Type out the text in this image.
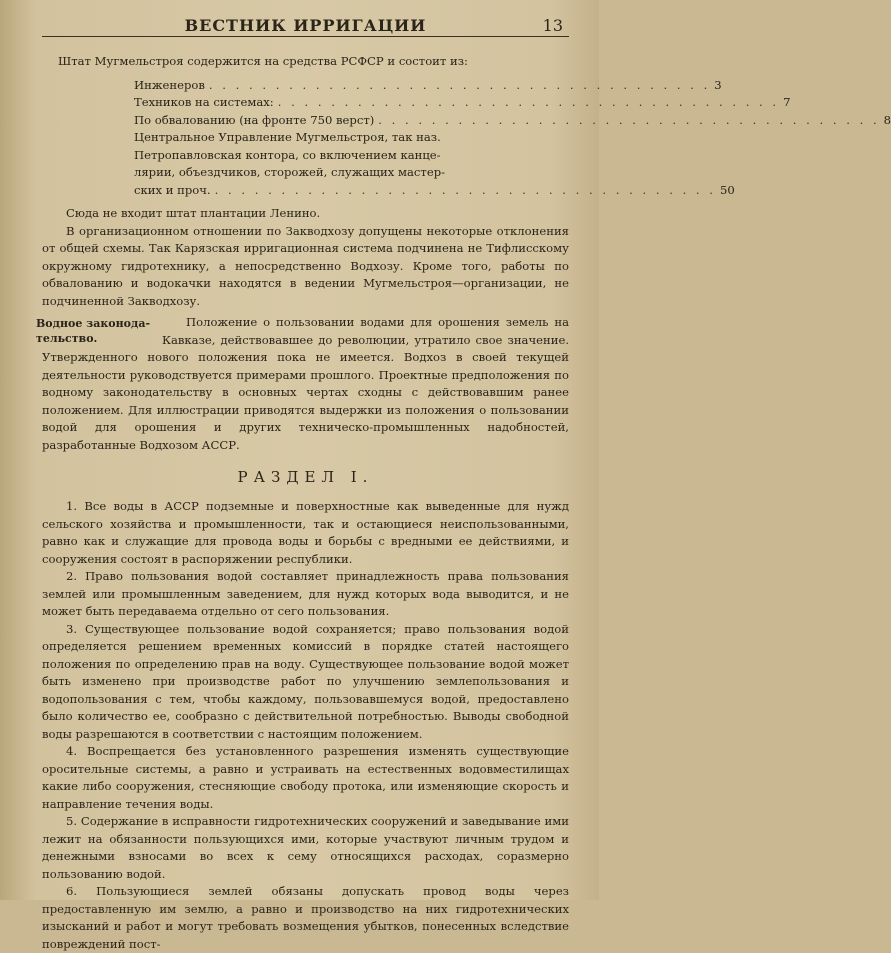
ВЕСТНИК ИРРИГАЦИИ	13

Штат Мугмельстроя содержится на средства РСФСР и состоит из:

Инженеров . . . . . . . . . . . . . . . . . . . . . . . . . . . . . . . . . . . . . . 3
Техников на системах: . . . . . . . . . . . . . . . . . . . . . . . . . . . . . . . . . . . . . . 7
По обвалованию (на фронте 750 верст) . . . . . . . . . . . . . . . . . . . . . . . . . . . . . . . . . . . . . . 8
Центральное Управление Мугмельстроя, так наз.
Петропавловская контора, со включением канце-
лярии, объездчиков, сторожей, служащих мастер-
ских и проч. . . . . . . . . . . . . . . . . . . . . . . . . . . . . . . . . . . . . . . 50

Сюда не входит штат плантации Ленино.

В организационном отношении по Закводхозу допущены некоторые отклонения от общей схемы. Так Карязская ирригационная система подчинена не Тифлисскому окружному гидротехнику, а непосредственно Водхозу. Кроме того, работы по обвалованию и водокачки находятся в ведении Мугмельстроя—организации, не подчиненной Закводхозу.

Водное законода-тельство.

Положение о пользовании водами для орошения земель на Кавказе, действовавшее до революции, утратило свое значение. Утвержденного нового положения пока не имеется. Водхоз в своей текущей деятельности руководствуется примерами прошлого. Проектные предположения по водному законодательству в основных чертах сходны с действовавшим ранее положением. Для иллюстрации приводятся выдержки из положения о пользовании водой для орошения и других техническо-промышленных надобностей, разработанные Водхозом АССР.

РАЗДЕЛ I.

1. Все воды в АССР подземные и поверхностные как выведенные для нужд сельского хозяйства и промышленности, так и остающиеся неиспользованными, равно как и служащие для провода воды и борьбы с вредными ее действиями, и сооружения состоят в распоряжении республики.

2. Право пользования водой составляет принадлежность права пользования землей или промышленным заведением, для нужд которых вода выводится, и не может быть передаваема отдельно от сего пользования.

3. Существующее пользование водой сохраняется; право пользования водой определяется решением временных комиссий в порядке статей настоящего положения по определению прав на воду. Существующее пользование водой может быть изменено при производстве работ по улучшению землепользования и водопользования с тем, чтобы каждому, пользовавшемуся водой, предоставлено было количество ее, сообразно с действительной потребностью. Выводы свободной воды разрешаются в соответствии с настоящим положением.

4. Воспрещается без установленного разрешения изменять существующие оросительные системы, а равно и устраивать на естественных водовместилищах какие либо сооружения, стесняющие свободу протока, или изменяющие скорость и направление течения воды.

5. Содержание в исправности гидротехнических сооружений и заведывание ими лежит на обязанности пользующихся ими, которые участвуют личным трудом и денежными взносами во всех к сему относящихся расходах, соразмерно пользованию водой.

6. Пользующиеся землей обязаны допускать провод воды через предоставленную им землю, а равно и производство на них гидротехнических изысканий и работ и могут требовать возмещения убытков, понесенных вследствие повреждений пост-
